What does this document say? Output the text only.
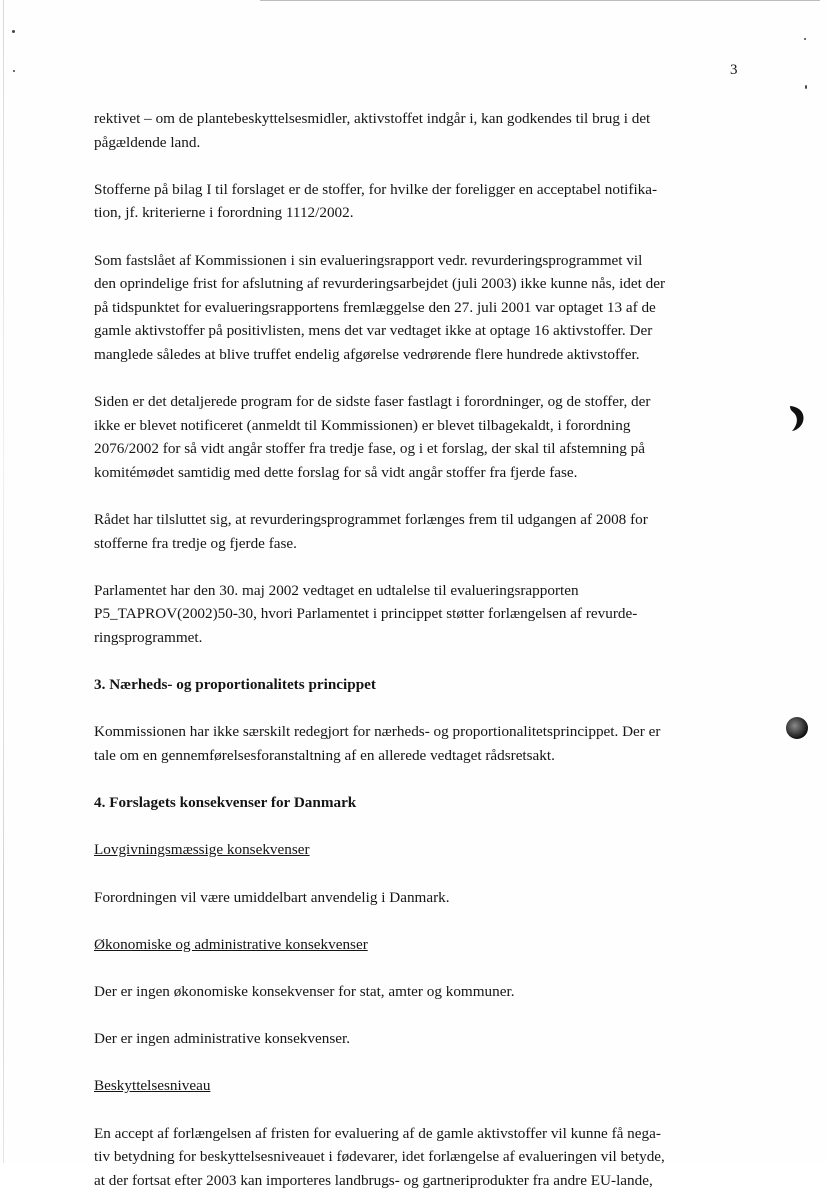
3

rektivet – om de plantebeskyttelsesmidler, aktivstoffet indgår i, kan godkendes til brug i det
pågældende land.

Stofferne på bilag I til forslaget er de stoffer, for hvilke der foreligger en acceptabel notifika-
tion, jf. kriterierne i forordning 1112/2002.

Som fastslået af Kommissionen i sin evalueringsrapport vedr. revurderingsprogrammet vil
den oprindelige frist for afslutning af revurderingsarbejdet (juli 2003) ikke kunne nås, idet der
på tidspunktet for evalueringsrapportens fremlæggelse den 27. juli 2001 var optaget 13 af de
gamle aktivstoffer på positivlisten, mens det var vedtaget ikke at optage 16 aktivstoffer. Der
manglede således at blive truffet endelig afgørelse vedrørende flere hundrede aktivstoffer.

Siden er det detaljerede program for de sidste faser fastlagt i forordninger, og de stoffer, der
ikke er blevet notificeret (anmeldt til Kommissionen) er blevet tilbagekaldt, i forordning
2076/2002 for så vidt angår stoffer fra tredje fase, og i et forslag, der skal til afstemning på
komitémødet samtidig med dette forslag for så vidt angår stoffer fra fjerde fase.

Rådet har tilsluttet sig, at revurderingsprogrammet forlænges frem til udgangen af 2008 for
stofferne fra tredje og fjerde fase.

Parlamentet har den 30. maj 2002 vedtaget en udtalelse til evalueringsrapporten
P5_TAPROV(2002)50-30, hvori Parlamentet i princippet støtter forlængelsen af revurde-
ringsprogrammet.

3. Nærheds- og proportionalitets princippet

Kommissionen har ikke særskilt redegjort for nærheds- og proportionalitetsprincippet. Der er
tale om en gennemførelsesforanstaltning af en allerede vedtaget rådsretsakt.

4. Forslagets konsekvenser for Danmark

Lovgivningsmæssige konsekvenser

Forordningen vil være umiddelbart anvendelig i Danmark.

Økonomiske og administrative konsekvenser

Der er ingen økonomiske konsekvenser for stat, amter og kommuner.

Der er ingen administrative konsekvenser.

Beskyttelsesniveau

En accept af forlængelsen af fristen for evaluering af de gamle aktivstoffer vil kunne få nega-
tiv betydning for beskyttelsesniveauet i fødevarer, idet forlængelse af evalueringen vil betyde,
at der fortsat efter 2003 kan importeres landbrugs- og gartneriprodukter fra andre EU-lande,
